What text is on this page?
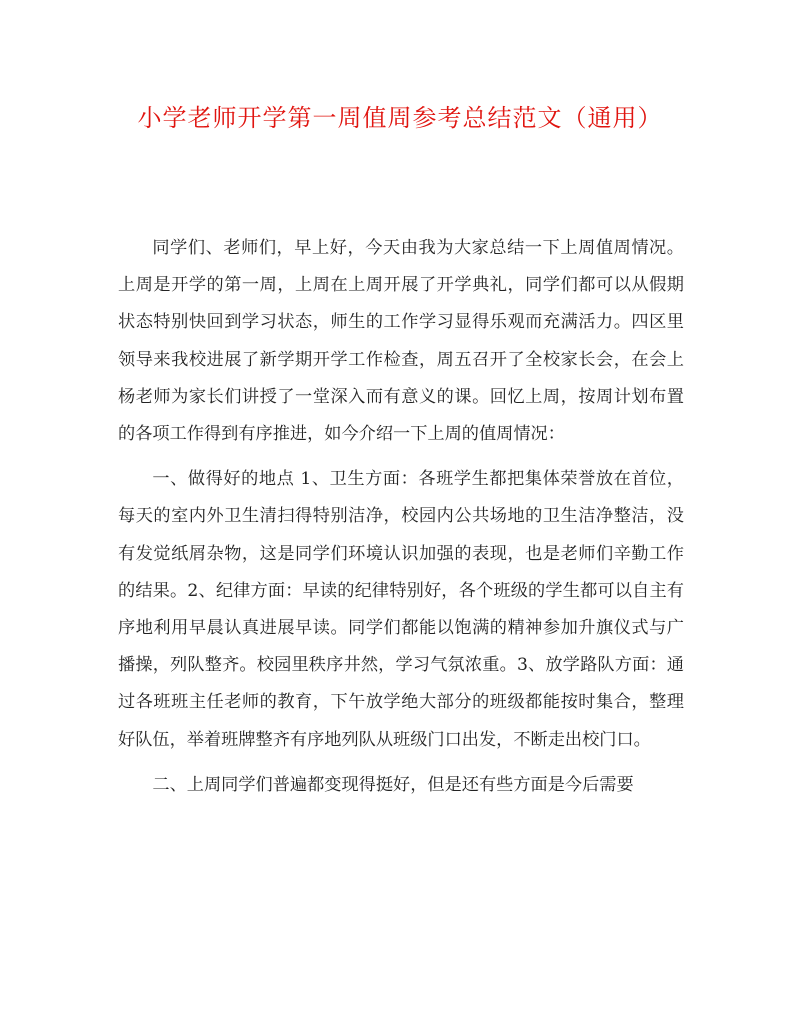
小学老师开学第一周值周参考总结范文（通用）

同学们、老师们，早上好，今天由我为大家总结一下上周值周情况。上周是开学的第一周，上周在上周开展了开学典礼，同学们都可以从假期状态特别快回到学习状态，师生的工作学习显得乐观而充满活力。四区里领导来我校进展了新学期开学工作检查，周五召开了全校家长会，在会上杨老师为家长们讲授了一堂深入而有意义的课。回忆上周，按周计划布置的各项工作得到有序推进，如今介绍一下上周的值周情况：

一、做得好的地点 1、卫生方面：各班学生都把集体荣誉放在首位，每天的室内外卫生清扫得特别洁净，校园内公共场地的卫生洁净整洁，没有发觉纸屑杂物，这是同学们环境认识加强的表现，也是老师们辛勤工作的结果。2、纪律方面：早读的纪律特别好，各个班级的学生都可以自主有序地利用早晨认真进展早读。同学们都能以饱满的精神参加升旗仪式与广播操，列队整齐。校园里秩序井然，学习气氛浓重。3、放学路队方面：通过各班班主任老师的教育，下午放学绝大部分的班级都能按时集合，整理好队伍，举着班牌整齐有序地列队从班级门口出发，不断走出校门口。

二、上周同学们普遍都变现得挺好，但是还有些方面是今后需要
